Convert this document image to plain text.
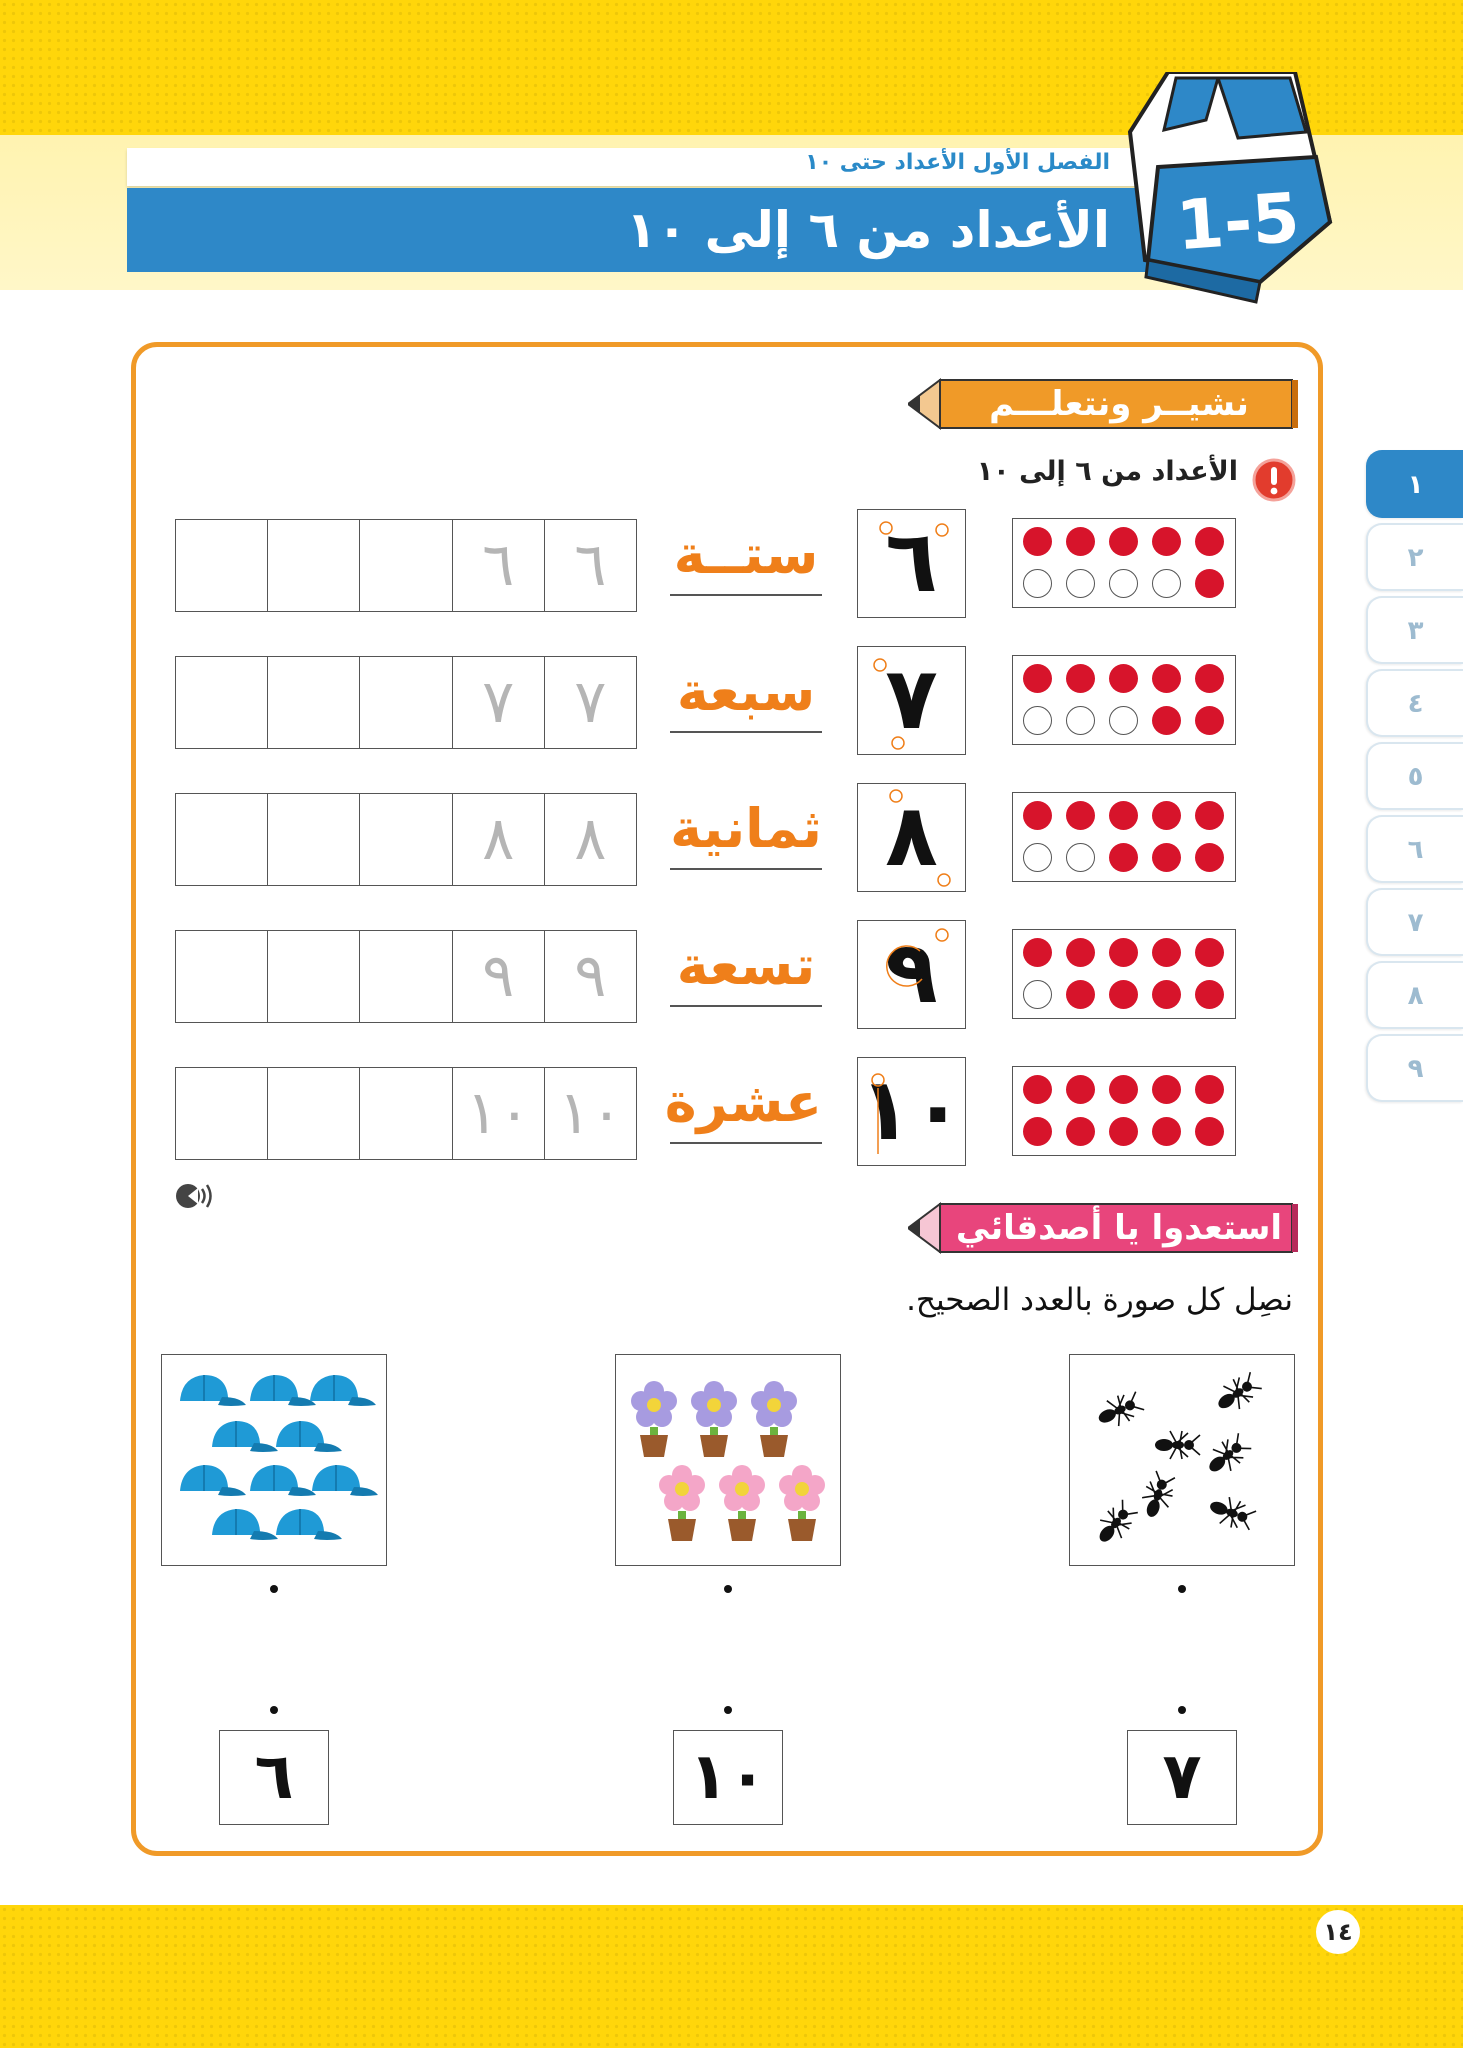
الفصل الأول الأعداد حتى ١٠
الأعداد من ٦ إلى ١٠ 1-5
١
٢
٣
٤
٥
٦
٧
٨
٩
نشيــر ونتعلـــم
الأعداد من ٦ إلى ١٠
٦
ستــة
٦ ٦
٧
سبعة
٧ ٧
٨
ثمانية
٨ ٨
٩
تسعة
٩ ٩
١٠
عشرة
١٠ ١٠
استعدوا يا أصدقائي
نصِل كل صورة بالعدد الصحيح.
٦	١٠	٧
١٤
